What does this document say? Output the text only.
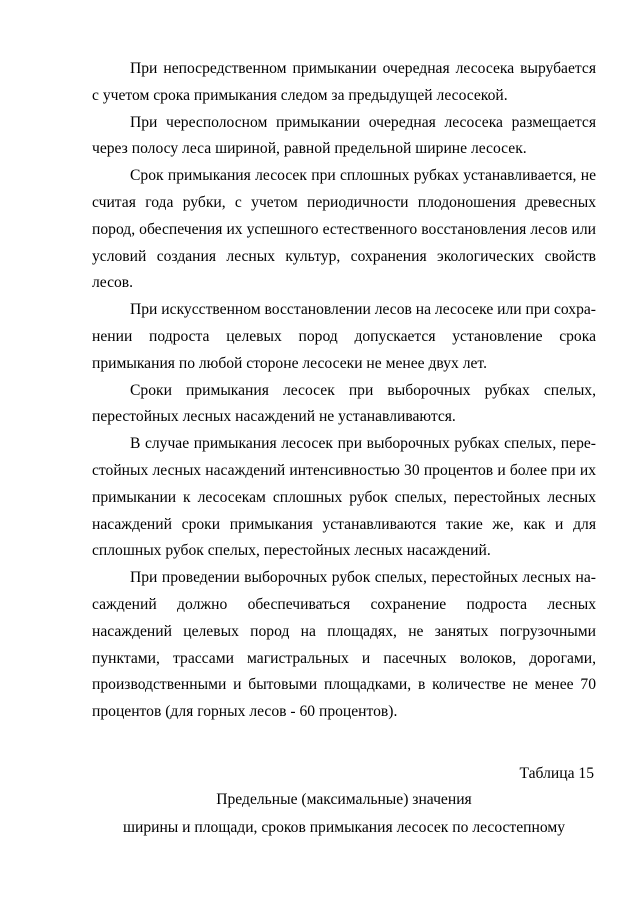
При непосредственном примыкании очередная лесосека вырубается с учетом срока примыкания следом за предыдущей лесосекой.

При чересполосном примыкании очередная лесосека размещается через полосу леса шириной, равной предельной ширине лесосек.

Срок примыкания лесосек при сплошных рубках устанавливается, не считая года рубки, с учетом периодичности плодоношения древесных пород, обеспечения их успешного естественного восстановления лесов или условий создания лесных культур, сохранения экологических свойств лесов.

При искусственном восстановлении лесов на лесосеке или при сохранении подроста целевых пород допускается установление срока примыкания по любой стороне лесосеки не менее двух лет.

Сроки примыкания лесосек при выборочных рубках спелых, перестойных лесных насаждений не устанавливаются.

В случае примыкания лесосек при выборочных рубках спелых, перестойных лесных насаждений интенсивностью 30 процентов и более при их примыкании к лесосекам сплошных рубок спелых, перестойных лесных насаждений сроки примыкания устанавливаются такие же, как и для сплошных рубок спелых, перестойных лесных насаждений.

При проведении выборочных рубок спелых, перестойных лесных насаждений должно обеспечиваться сохранение подроста лесных насаждений целевых пород на площадях, не занятых погрузочными пунктами, трассами магистральных и пасечных волоков, дорогами, производственными и бытовыми площадками, в количестве не менее 70 процентов (для горных лесов - 60 процентов).

Таблица 15

Предельные (максимальные) значения

ширины и площади, сроков примыкания лесосек по лесостепному
